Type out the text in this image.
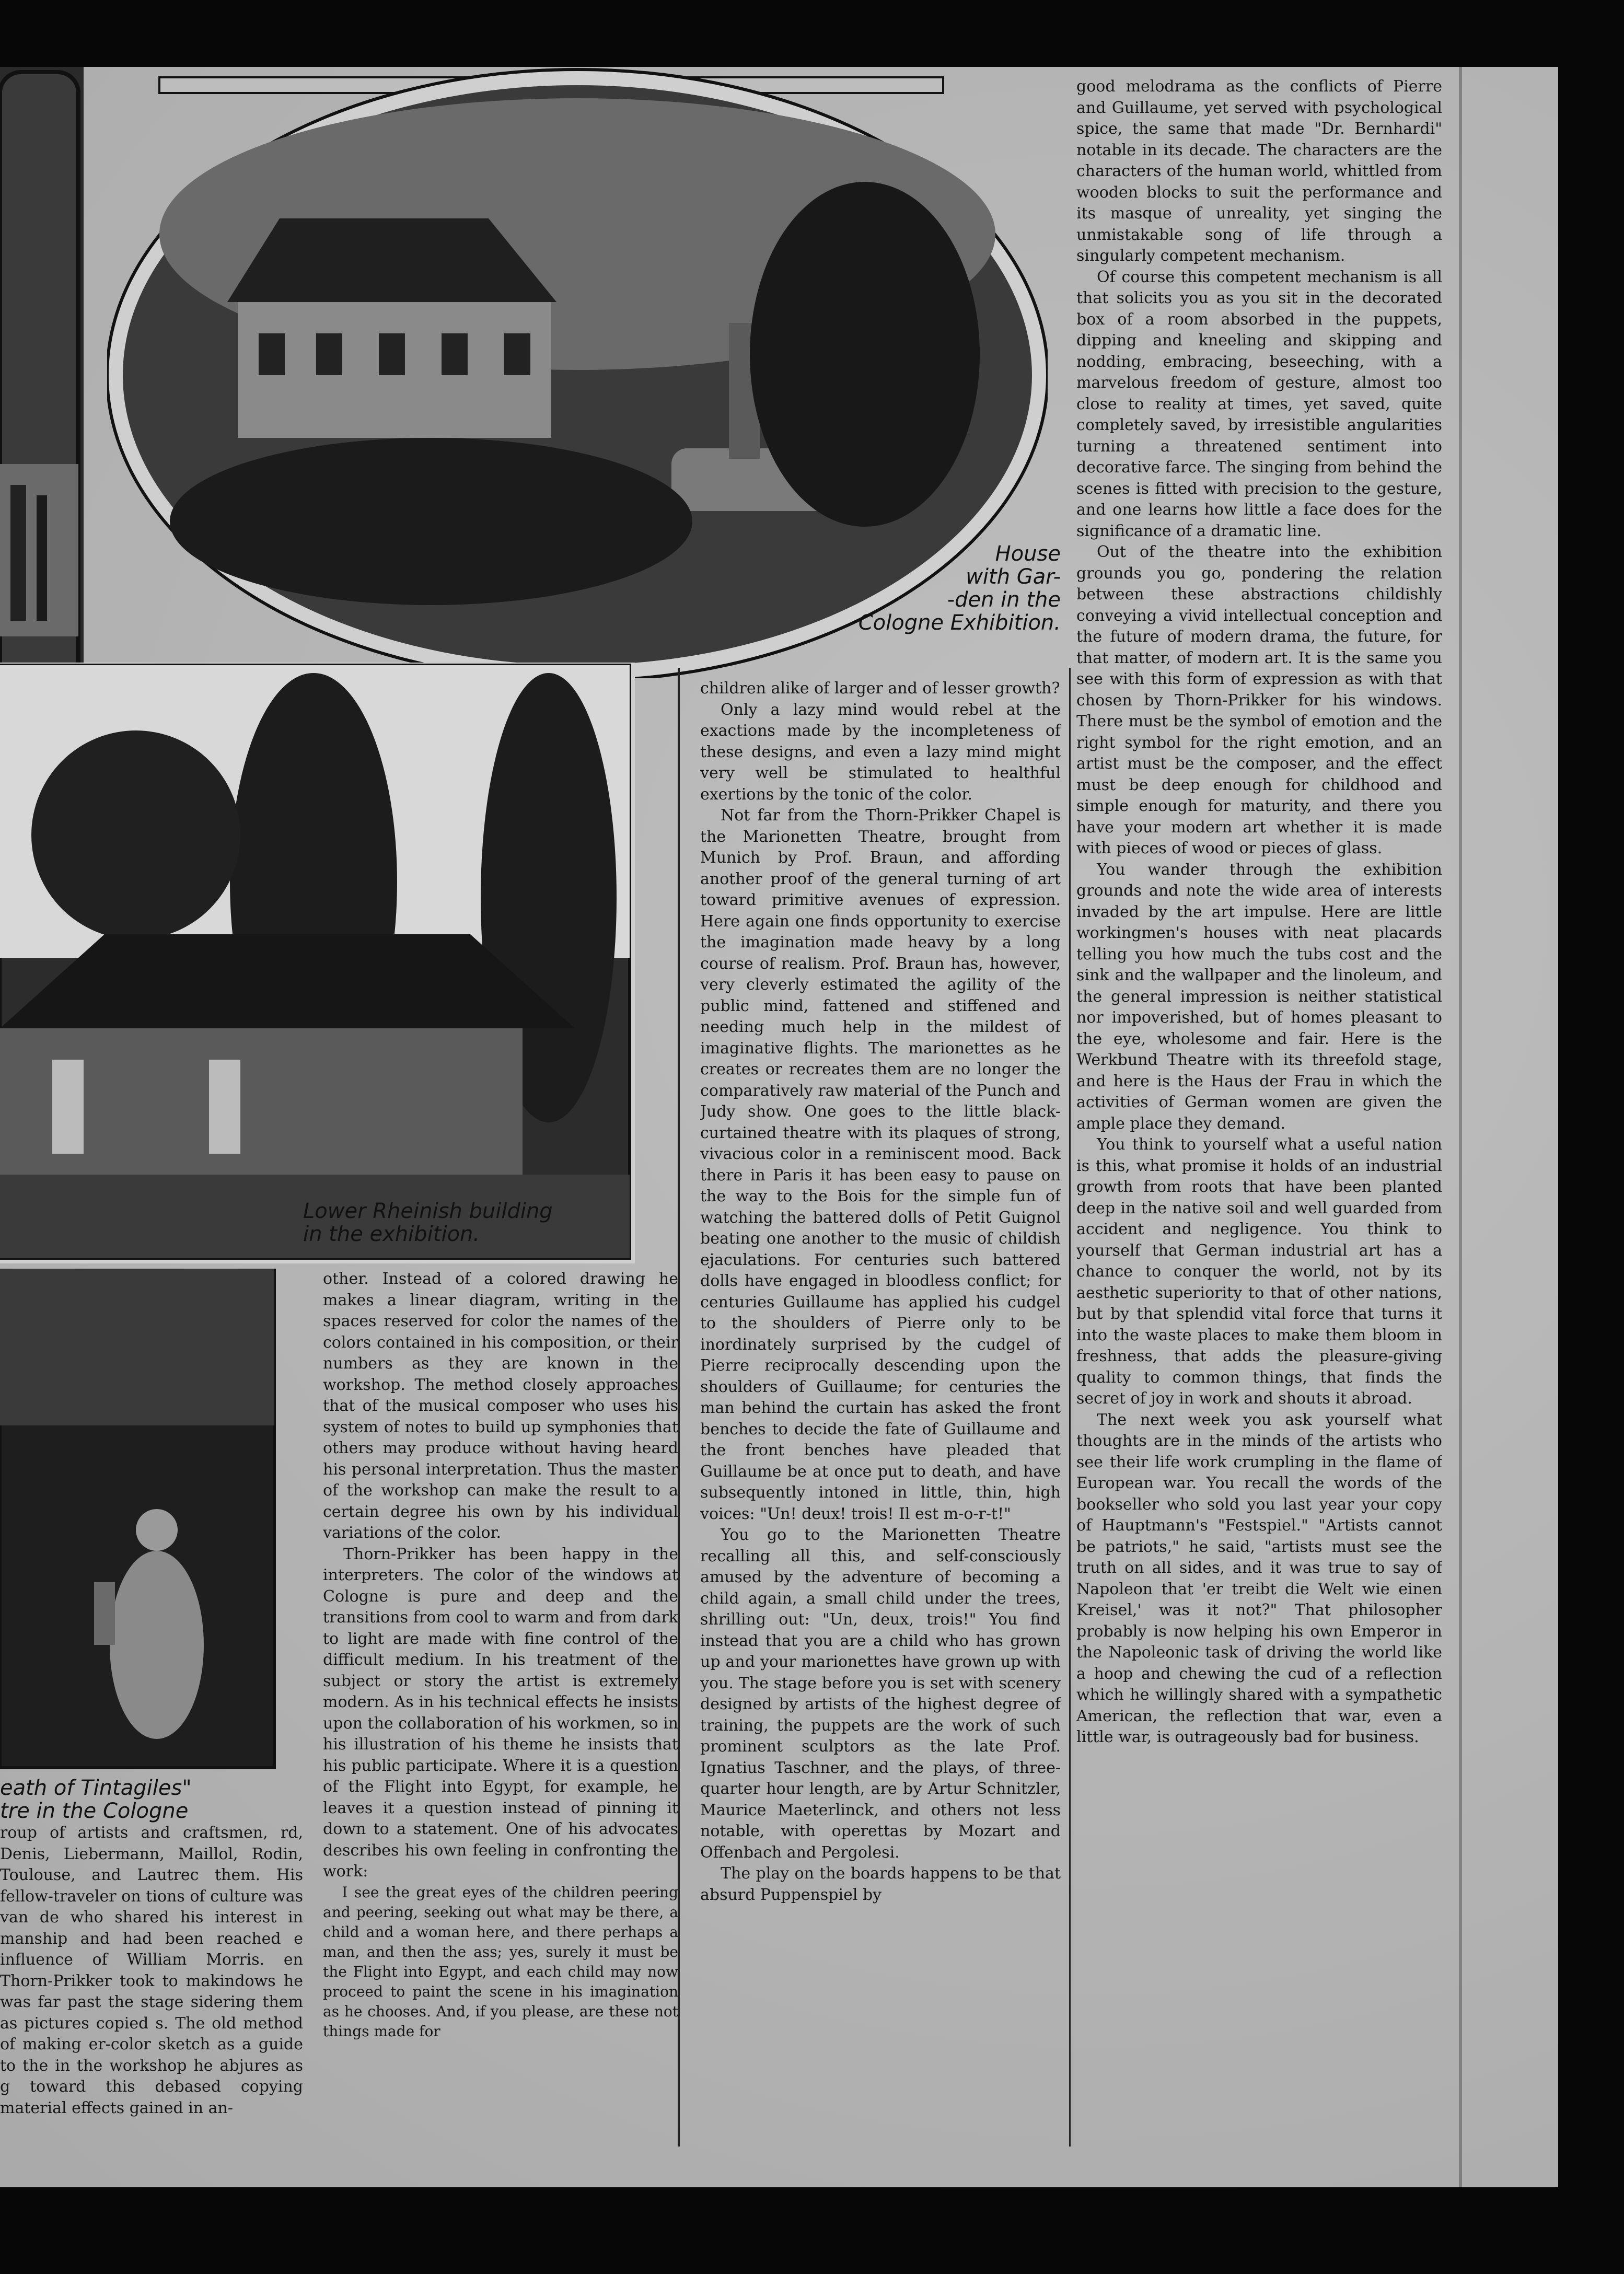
House
with Gar-
-den in the
Cologne Exhibition.
Lower Rheinish building
in the exhibition.
eath of Tintagiles"
tre in the Cologne

roup of artists and craftsmen, rd, Denis, Liebermann, Maillol, Rodin, Toulouse, and Lautrec them. His fellow-traveler on tions of culture was van de who shared his interest in manship and had been reached e influence of William Morris. en Thorn-Prikker took to makindows he was far past the stage sidering them as pictures copied s. The old method of making er-color sketch as a guide to the in the workshop he abjures as g toward this debased copying material effects gained in an-

other. Instead of a colored drawing he makes a linear diagram, writing in the spaces reserved for color the names of the colors contained in his composition, or their numbers as they are known in the workshop. The method closely approaches that of the musical composer who uses his system of notes to build up symphonies that others may produce without having heard his personal interpretation. Thus the master of the workshop can make the result to a certain degree his own by his individual variations of the color.

Thorn-Prikker has been happy in the interpreters. The color of the windows at Cologne is pure and deep and the transitions from cool to warm and from dark to light are made with fine control of the difficult medium. In his treatment of the subject or story the artist is extremely modern. As in his technical effects he insists upon the collaboration of his workmen, so in his illustration of his theme he insists that his public participate. Where it is a question of the Flight into Egypt, for example, he leaves it a question instead of pinning it down to a statement. One of his advocates describes his own feeling in confronting the work:

I see the great eyes of the children peering and peering, seeking out what may be there, a child and a woman here, and there perhaps a man, and then the ass; yes, surely it must be the Flight into Egypt, and each child may now proceed to paint the scene in his imagination as he chooses. And, if you please, are these not things made for

children alike of larger and of lesser growth?

Only a lazy mind would rebel at the exactions made by the incompleteness of these designs, and even a lazy mind might very well be stimulated to healthful exertions by the tonic of the color.

Not far from the Thorn-Prikker Chapel is the Marionetten Theatre, brought from Munich by Prof. Braun, and affording another proof of the general turning of art toward primitive avenues of expression. Here again one finds opportunity to exercise the imagination made heavy by a long course of realism. Prof. Braun has, however, very cleverly estimated the agility of the public mind, fattened and stiffened and needing much help in the mildest of imaginative flights. The marionettes as he creates or recreates them are no longer the comparatively raw material of the Punch and Judy show. One goes to the little black-curtained theatre with its plaques of strong, vivacious color in a reminiscent mood. Back there in Paris it has been easy to pause on the way to the Bois for the simple fun of watching the battered dolls of Petit Guignol beating one another to the music of childish ejaculations. For centuries such battered dolls have engaged in bloodless conflict; for centuries Guillaume has applied his cudgel to the shoulders of Pierre only to be inordinately surprised by the cudgel of Pierre reciprocally descending upon the shoulders of Guillaume; for centuries the man behind the curtain has asked the front benches to decide the fate of Guillaume and the front benches have pleaded that Guillaume be at once put to death, and have subsequently intoned in little, thin, high voices: "Un! deux! trois! Il est m-o-r-t!"

You go to the Marionetten Theatre recalling all this, and self-consciously amused by the adventure of becoming a child again, a small child under the trees, shrilling out: "Un, deux, trois!" You find instead that you are a child who has grown up and your marionettes have grown up with you. The stage before you is set with scenery designed by artists of the highest degree of training, the puppets are the work of such prominent sculptors as the late Prof. Ignatius Taschner, and the plays, of three-quarter hour length, are by Artur Schnitzler, Maurice Maeterlinck, and others not less notable, with operettas by Mozart and Offenbach and Pergolesi.

The play on the boards happens to be that absurd Puppenspiel by

good melodrama as the conflicts of Pierre and Guillaume, yet served with psychological spice, the same that made "Dr. Bernhardi" notable in its decade. The characters are the characters of the human world, whittled from wooden blocks to suit the performance and its masque of unreality, yet singing the unmistakable song of life through a singularly competent mechanism.

Of course this competent mechanism is all that solicits you as you sit in the decorated box of a room absorbed in the puppets, dipping and kneeling and skipping and nodding, embracing, beseeching, with a marvelous freedom of gesture, almost too close to reality at times, yet saved, quite completely saved, by irresistible angularities turning a threatened sentiment into decorative farce. The singing from behind the scenes is fitted with precision to the gesture, and one learns how little a face does for the significance of a dramatic line.

Out of the theatre into the exhibition grounds you go, pondering the relation between these abstractions childishly conveying a vivid intellectual conception and the future of modern drama, the future, for that matter, of modern art. It is the same you see with this form of expression as with that chosen by Thorn-Prikker for his windows. There must be the symbol of emotion and the right symbol for the right emotion, and an artist must be the composer, and the effect must be deep enough for childhood and simple enough for maturity, and there you have your modern art whether it is made with pieces of wood or pieces of glass.

You wander through the exhibition grounds and note the wide area of interests invaded by the art impulse. Here are little workingmen's houses with neat placards telling you how much the tubs cost and the sink and the wallpaper and the linoleum, and the general impression is neither statistical nor impoverished, but of homes pleasant to the eye, wholesome and fair. Here is the Werkbund Theatre with its threefold stage, and here is the Haus der Frau in which the activities of German women are given the ample place they demand.

You think to yourself what a useful nation is this, what promise it holds of an industrial growth from roots that have been planted deep in the native soil and well guarded from accident and negligence. You think to yourself that German industrial art has a chance to conquer the world, not by its aesthetic superiority to that of other nations, but by that splendid vital force that turns it into the waste places to make them bloom in freshness, that adds the pleasure-giving quality to common things, that finds the secret of joy in work and shouts it abroad.

The next week you ask yourself what thoughts are in the minds of the artists who see their life work crumpling in the flame of European war. You recall the words of the bookseller who sold you last year your copy of Hauptmann's "Festspiel." "Artists cannot be patriots," he said, "artists must see the truth on all sides, and it was true to say of Napoleon that 'er treibt die Welt wie einen Kreisel,' was it not?" That philosopher probably is now helping his own Emperor in the Napoleonic task of driving the world like a hoop and chewing the cud of a reflection which he willingly shared with a sympathetic American, the reflection that war, even a little war, is outrageously bad for business.
